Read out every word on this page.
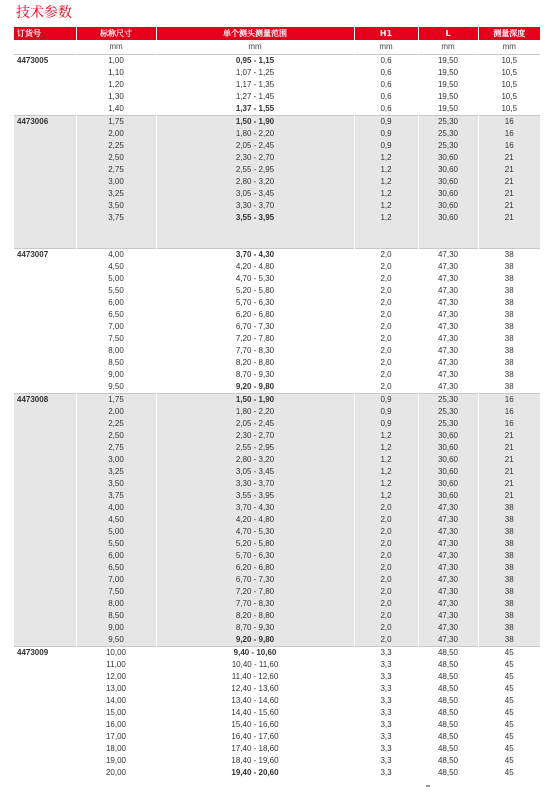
技术参数
订货号	标称尺寸	单个测头测量范围	H1	L	测量深度
	mm	mm	mm	mm	mm
4473005	1,00	0,95 - 1,15	0,6	19,50	10,5
	1,10	1,07 - 1,25	0,6	19,50	10,5
	1,20	1,17 - 1,35	0,6	19,50	10,5
	1,30	1,27 - 1,45	0,6	19,50	10,5
	1,40	1,37 - 1,55	0,6	19,50	10,5
4473006	1,75	1,50 - 1,90	0,9	25,30	16
	2,00	1,80 - 2,20	0,9	25,30	16
	2,25	2,05 - 2,45	0,9	25,30	16
	2,50	2,30 - 2,70	1,2	30,60	21
	2,75	2,55 - 2,95	1,2	30,60	21
	3,00	2,80 - 3,20	1,2	30,60	21
	3,25	3,05 - 3,45	1,2	30,60	21
	3,50	3,30 - 3,70	1,2	30,60	21
	3,75	3,55 - 3,95	1,2	30,60	21

4473007	4,00	3,70 - 4,30	2,0	47,30	38
	4,50	4,20 - 4,80	2,0	47,30	38
	5,00	4,70 - 5,30	2,0	47,30	38
	5,50	5,20 - 5,80	2,0	47,30	38
	6,00	5,70 - 6,30	2,0	47,30	38
	6,50	6,20 - 6,80	2,0	47,30	38
	7,00	6,70 - 7,30	2,0	47,30	38
	7,50	7,20 - 7,80	2,0	47,30	38
	8,00	7,70 - 8,30	2,0	47,30	38
	8,50	8,20 - 8,80	2,0	47,30	38
	9,00	8,70 - 9,30	2,0	47,30	38
	9,50	9,20 - 9,80	2,0	47,30	38
4473008	1,75	1,50 - 1,90	0,9	25,30	16
	2,00	1,80 - 2,20	0,9	25,30	16
	2,25	2,05 - 2,45	0,9	25,30	16
	2,50	2,30 - 2,70	1,2	30,60	21
	2,75	2,55 - 2,95	1,2	30,60	21
	3,00	2,80 - 3,20	1,2	30,60	21
	3,25	3,05 - 3,45	1,2	30,60	21
	3,50	3,30 - 3,70	1,2	30,60	21
	3,75	3,55 - 3,95	1,2	30,60	21
	4,00	3,70 - 4,30	2,0	47,30	38
	4,50	4,20 - 4,80	2,0	47,30	38
	5,00	4,70 - 5,30	2,0	47,30	38
	5,50	5,20 - 5,80	2,0	47,30	38
	6,00	5,70 - 6,30	2,0	47,30	38
	6,50	6,20 - 6,80	2,0	47,30	38
	7,00	6,70 - 7,30	2,0	47,30	38
	7,50	7,20 - 7,80	2,0	47,30	38
	8,00	7,70 - 8,30	2,0	47,30	38
	8,50	8,20 - 8,80	2,0	47,30	38
	9,00	8,70 - 9,30	2,0	47,30	38
	9,50	9,20 - 9,80	2,0	47,30	38
4473009	10,00	9,40 - 10,60	3,3	48,50	45
	11,00	10,40 - 11,60	3,3	48,50	45
	12,00	11,40 - 12,60	3,3	48,50	45
	13,00	12,40 - 13,60	3,3	48,50	45
	14,00	13,40 - 14,60	3,3	48,50	45
	15,00	14,40 - 15,60	3,3	48,50	45
	16,00	15,40 - 16,60	3,3	48,50	45
	17,00	16,40 - 17,60	3,3	48,50	45
	18,00	17,40 - 18,60	3,3	48,50	45
	19,00	18,40 - 19,60	3,3	48,50	45
	20,00	19,40 - 20,60	3,3	48,50	45
